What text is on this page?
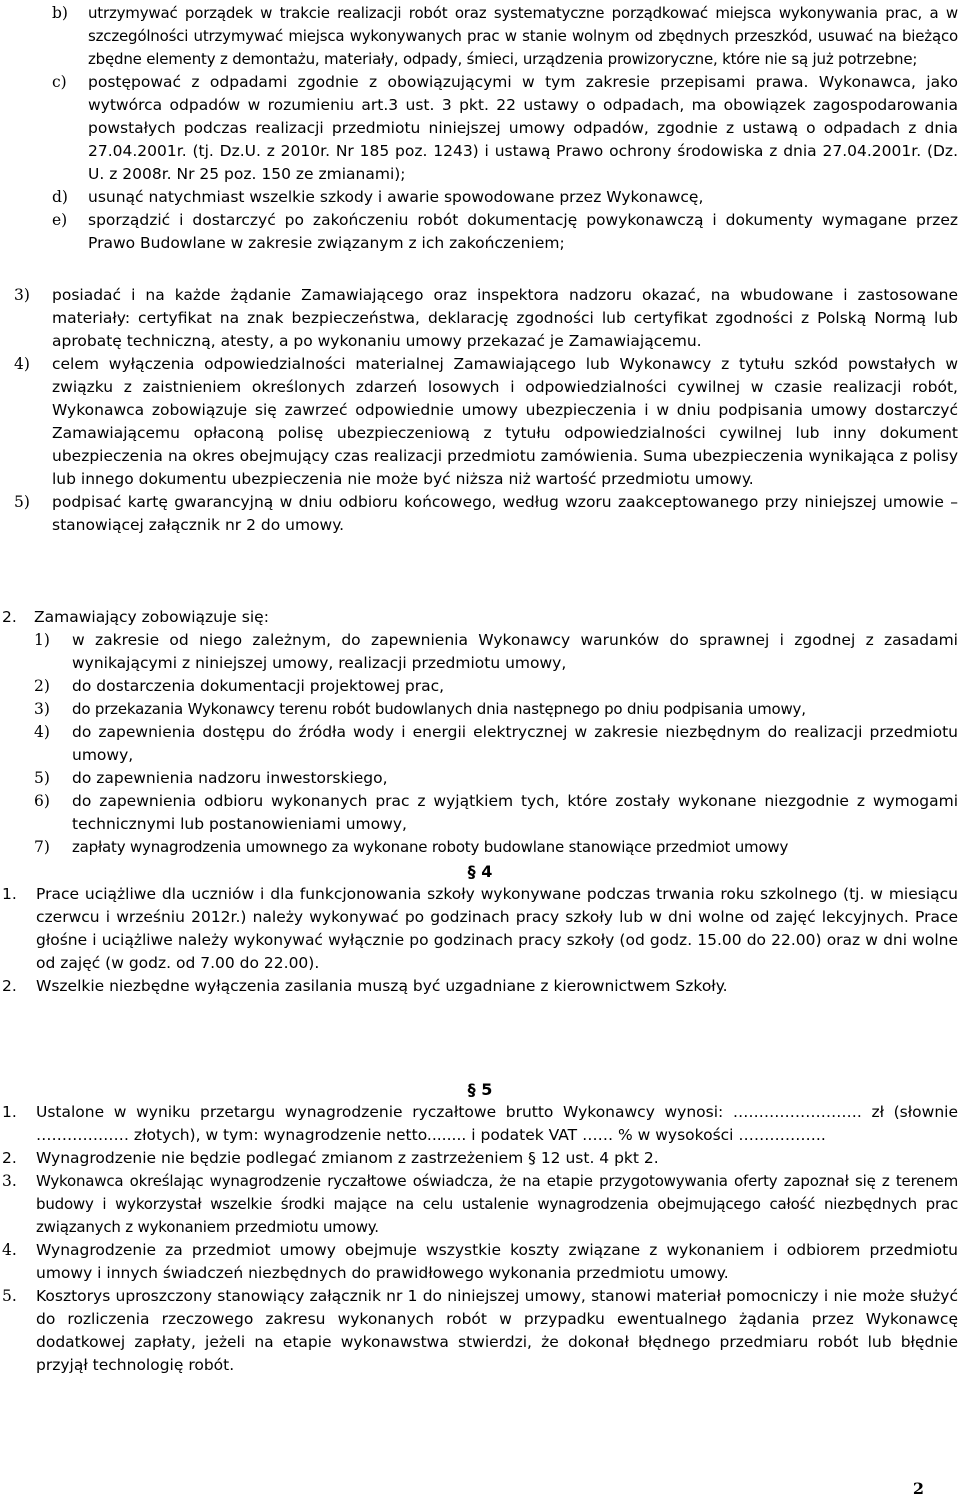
b)	utrzymywać porządek w trakcie realizacji robót oraz systematyczne porządkować miejsca wykonywania prac, a w szczególności utrzymywać miejsca wykonywanych prac w stanie wolnym od zbędnych przeszkód, usuwać na bieżąco zbędne elementy z demontażu, materiały, odpady, śmieci, urządzenia prowizoryczne, które nie są już potrzebne;
c)	postępować z odpadami zgodnie z obowiązującymi w tym zakresie przepisami prawa. Wykonawca, jako wytwórca odpadów w rozumieniu art.3 ust. 3 pkt. 22 ustawy o odpadach, ma obowiązek zagospodarowania powstałych podczas realizacji przedmiotu niniejszej umowy odpadów, zgodnie z ustawą o odpadach z dnia 27.04.2001r. (tj. Dz.U. z 2010r. Nr 185 poz. 1243) i ustawą Prawo ochrony środowiska z dnia 27.04.2001r. (Dz. U. z 2008r. Nr 25 poz. 150 ze zmianami);
d)	usunąć natychmiast wszelkie szkody i awarie spowodowane przez Wykonawcę,
e)	sporządzić i dostarczyć po zakończeniu robót dokumentację powykonawczą i dokumenty wymagane przez Prawo Budowlane w zakresie związanym z ich zakończeniem;
3)	posiadać i na każde żądanie Zamawiającego oraz inspektora nadzoru okazać, na wbudowane i zastosowane materiały: certyfikat na znak bezpieczeństwa, deklarację zgodności lub certyfikat zgodności z Polską Normą lub aprobatę techniczną, atesty, a po wykonaniu umowy przekazać je Zamawiającemu.
4)	celem wyłączenia odpowiedzialności materialnej Zamawiającego lub Wykonawcy z tytułu szkód powstałych w związku z zaistnieniem określonych zdarzeń losowych i odpowiedzialności cywilnej w czasie realizacji robót, Wykonawca zobowiązuje się zawrzeć odpowiednie umowy ubezpieczenia i w dniu podpisania umowy dostarczyć Zamawiającemu opłaconą polisę ubezpieczeniową z tytułu odpowiedzialności cywilnej lub inny dokument ubezpieczenia na okres obejmujący czas realizacji przedmiotu zamówienia. Suma ubezpieczenia wynikająca z polisy lub innego dokumentu ubezpieczenia nie może być niższa niż wartość przedmiotu umowy.
5)	podpisać kartę gwarancyjną w dniu odbioru końcowego, według wzoru zaakceptowanego przy niniejszej umowie – stanowiącej załącznik nr 2 do umowy.
2.	Zamawiający zobowiązuje się:
1)	w zakresie od niego zależnym, do zapewnienia Wykonawcy warunków do sprawnej i zgodnej z zasadami wynikającymi z niniejszej umowy, realizacji przedmiotu umowy,
2)	do dostarczenia dokumentacji projektowej prac,
3)	do przekazania Wykonawcy terenu robót budowlanych dnia następnego po dniu podpisania umowy,
4)	do zapewnienia dostępu do źródła wody i energii elektrycznej w zakresie niezbędnym do realizacji przedmiotu umowy,
5)	do zapewnienia nadzoru inwestorskiego,
6)	do zapewnienia odbioru wykonanych prac z wyjątkiem tych, które zostały wykonane niezgodnie z wymogami technicznymi lub postanowieniami umowy,
7)	zapłaty wynagrodzenia umownego za wykonane roboty budowlane stanowiące przedmiot umowy
§ 4
1.	Prace uciążliwe dla uczniów i dla funkcjonowania szkoły wykonywane podczas trwania roku szkolnego (tj. w miesiącu czerwcu i wrześniu 2012r.) należy wykonywać po godzinach pracy szkoły lub w dni wolne od zajęć lekcyjnych. Prace głośne i uciążliwe należy wykonywać wyłącznie po godzinach pracy szkoły (od godz. 15.00 do 22.00) oraz w dni wolne od zajęć (w godz. od 7.00 do 22.00).
2.	Wszelkie niezbędne wyłączenia zasilania muszą być uzgadniane z kierownictwem Szkoły.
§ 5
1.	Ustalone w wyniku przetargu wynagrodzenie ryczałtowe brutto Wykonawcy wynosi: ……………………. zł (słownie ……………… złotych), w tym: wynagrodzenie netto........ i podatek VAT …… % w wysokości ……………..
2.	Wynagrodzenie nie będzie podlegać zmianom z zastrzeżeniem § 12 ust. 4 pkt 2.
3.	Wykonawca określając wynagrodzenie ryczałtowe oświadcza, że na etapie przygotowywania oferty zapoznał się z terenem budowy i wykorzystał wszelkie środki mające na celu ustalenie wynagrodzenia obejmującego całość niezbędnych prac związanych z wykonaniem przedmiotu umowy.
4.	Wynagrodzenie za przedmiot umowy obejmuje wszystkie koszty związane z wykonaniem i odbiorem przedmiotu umowy i innych świadczeń niezbędnych do prawidłowego wykonania przedmiotu umowy.
5.	Kosztorys uproszczony stanowiący załącznik nr 1 do niniejszej umowy, stanowi materiał pomocniczy i nie może służyć do rozliczenia rzeczowego zakresu wykonanych robót w przypadku ewentualnego żądania przez Wykonawcę dodatkowej zapłaty, jeżeli na etapie wykonawstwa stwierdzi, że dokonał błędnego przedmiaru robót lub błędnie przyjął technologię robót.
2
